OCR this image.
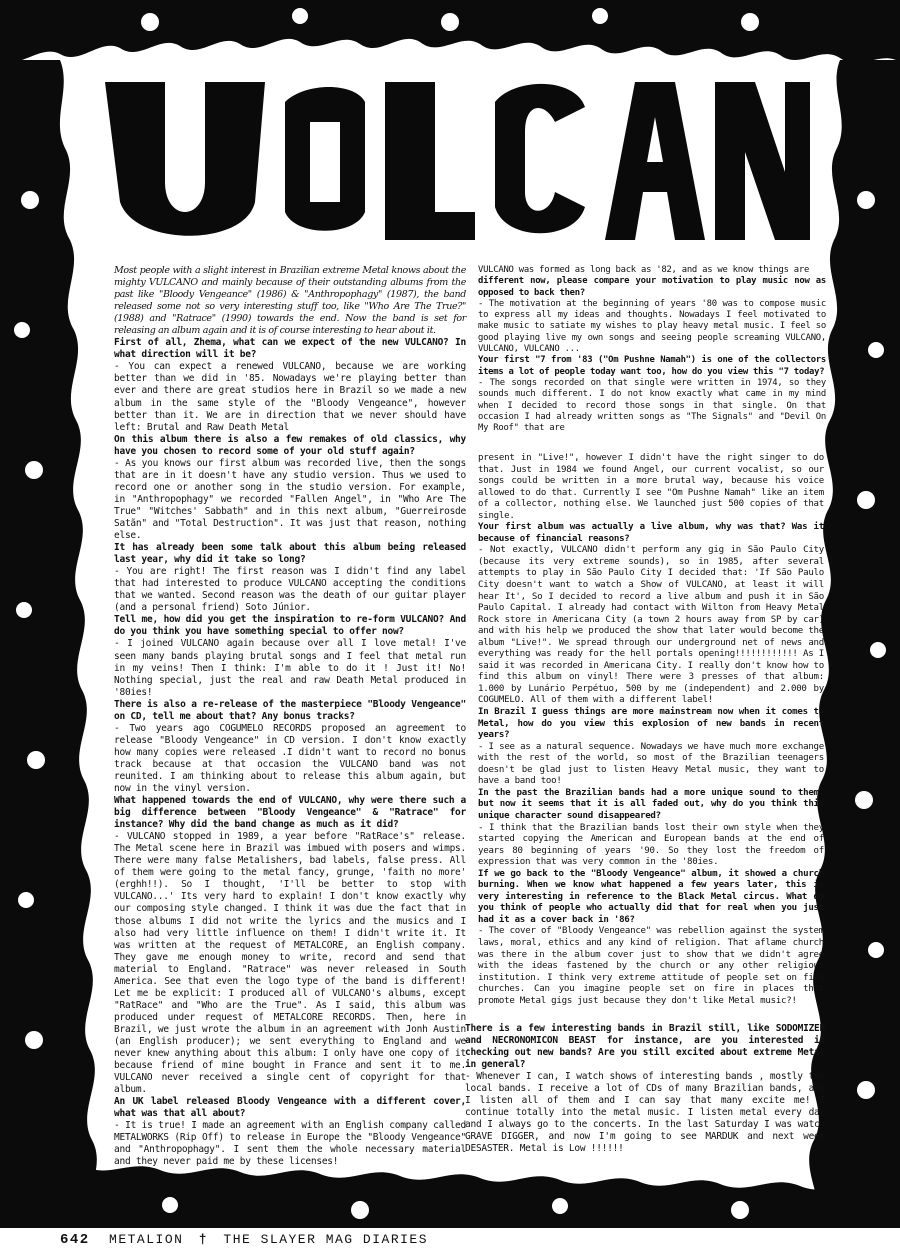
Most people with a slight interest in Brazilian extreme Metal knows about the mighty VULCANO and mainly because of their outstanding albums from the past like "Bloody Vengeance" (1986) & "Anthropophagy" (1987), the band released some not so very interesting stuff too, like "Who Are The True?" (1988) and "Ratrace" (1990) towards the end. Now the band is set for releasing an album again and it is of course interesting to hear about it.

First of all, Zhema, what can we expect of the new VULCANO? In what direction will it be?

- You can expect a renewed VULCANO, because we are working better than we did in '85. Nowadays we're playing better than ever and there are great studios here in Brazil so we made a new album in the same style of the "Bloody Vengeance", however better than it. We are in direction that we never should have left: Brutal and Raw Death Metal

On this album there is also a few remakes of old classics, why have you chosen to record some of your old stuff again?

- As you knows our first album was recorded live, then the songs that are in it doesn't have any studio version. Thus we used to record one or another song in the studio version. For example, in "Anthropophagy" we recorded "Fallen Angel", in "Who Are The True" "Witches' Sabbath" and in this next album, "Guerreirosde Satãn" and "Total Destruction". It was just that reason, nothing else.

It has already been some talk about this album being released last year, why did it take so long?

- You are right! The first reason was I didn't find any label that had interested to produce VULCANO accepting the conditions that we wanted. Second reason was the death of our guitar player (and a personal friend) Soto Júnior.

Tell me, how did you get the inspiration to re-form VULCANO? And do you think you have something special to offer now?

- I joined VULCANO again because over all I love metal! I've seen many bands playing brutal songs and I feel that metal run in my veins! Then I think: I'm able to do it ! Just it! No! Nothing special, just the real and raw Death Metal produced in '80ies!

There is also a re-release of the masterpiece "Bloody Vengeance" on CD, tell me about that? Any bonus tracks?

- Two years ago COGUMELO RECORDS proposed an agreement to release "Bloody Vengeance" in CD version. I don't know exactly how many copies were released .I didn't want to record no bonus track because at that occasion the VULCANO band was not reunited. I am thinking about to release this album again, but now in the vinyl version.

What happened towards the end of VULCANO, why were there such a big difference between "Bloody Vengeance" & "Ratrace" for instance? Why did the band change as much as it did?

- VULCANO stopped in 1989, a year before "RatRace's" release. The Metal scene here in Brazil was imbued with posers and wimps. There were many false Metalishers, bad labels, false press. All of them were going to the metal fancy, grunge, 'faith no more' (erghh!!). So I thought, 'I'll be better to stop with VULCANO...' Its very hard to explain! I don't know exactly why our composing style changed. I think it was due the fact that in those albums I did not write the lyrics and the musics and I also had very little influence on them! I didn't write it. It was written at the request of METALCORE, an English company. They gave me enough money to write, record and send that material to England. "Ratrace" was never released in South America. See that even the logo type of the band is different! Let me be explicit: I produced all of VULCANO's albums, except "RatRace" and "Who are the True". As I said, this album was produced under request of METALCORE RECORDS. Then, here in Brazil, we just wrote the album in an agreement with Jonh Austin (an English producer); we sent everything to England and we never knew anything about this album: I only have one copy of it because friend of mine bought in France and sent it to me. VULCANO never received a single cent of copyright for that album.

An UK label released Bloody Vengeance with a different cover, what was that all about?

- It is true! I made an agreement with an English company called METALWORKS (Rip Off) to release in Europe the "Bloody Vengeance" and "Anthropophagy". I sent them the whole necessary material and they never paid me by these licenses!

VULCANO was formed as long back as '82, and as we know things are

different now, please compare your motivation to play music now as opposed to back then?

- The motivation at the beginning of years '80 was to compose music to express all my ideas and thoughts. Nowadays I feel motivated to make music to satiate my wishes to play heavy metal music. I feel so good playing live my own songs and seeing people screaming VULCANO, VULCANO, VULCANO ...

Your first "7 from '83 ("Om Pushne Namah") is one of the collectors items a lot of people today want too, how do you view this "7 today?

- The songs recorded on that single were written in 1974, so they sounds much different. I do not know exactly what came in my mind when I decided to record those songs in that single. On that occasion I had already written songs as "The Signals" and "Devil On My Roof" that are

present in "Live!", however I didn't have the right singer to do that. Just in 1984 we found Angel, our current vocalist, so our songs could be written in a more brutal way, because his voice allowed to do that. Currently I see "Om Pushne Namah" like an item of a collector, nothing else. We launched just 500 copies of that single.

Your first album was actually a live album, why was that? Was it because of financial reasons?

- Not exactly, VULCANO didn't perform any gig in São Paulo City (because its very extreme sounds), so in 1985, after several attempts to play in São Paulo City I decided that: 'If São Paulo City doesn't want to watch a Show of VULCANO, at least it will hear It', So I decided to record a live album and push it in São Paulo Capital. I already had contact with Wilton from Heavy Metal Rock store in Americana City (a town 2 hours away from SP by car) and with his help we produced the show that later would become the album "Live!". We spread through our underground net of news and everything was ready for the hell portals opening!!!!!!!!!!!! As I said it was recorded in Americana City. I really don't know how to find this album on vinyl! There were 3 presses of that album: 1.000 by Lunário Perpétuo, 500 by me (independent) and 2.000 by COGUMELO. All of them with a different label!

In Brazil I guess things are more mainstream now when it comes to Metal, how do you view this explosion of new bands in recent years?

- I see as a natural sequence. Nowadays we have much more exchange with the rest of the world, so most of the Brazilian teenagers doesn't be glad just to listen Heavy Metal music, they want to have a band too!

In the past the Brazilian bands had a more unique sound to them, but now it seems that it is all faded out, why do you think this unique character sound disappeared?

- I think that the Brazilian bands lost their own style when they started copying the American and European bands at the end of years 80 beginning of years '90. So they lost the freedom of expression that was very common in the '80ies.

If we go back to the "Bloody Vengeance" album, it showed a church burning. When we know what happened a few years later, this is very interesting in reference to the Black Metal circus. What do you think of people who actually did that for real when you just had it as a cover back in '86?

- The cover of "Bloody Vengeance" was rebellion against the system laws, moral, ethics and any kind of religion. That aflame church was there in the album cover just to show that we didn't agree with the ideas fastened by the church or any other religious institution. I think very extreme attitude of people set on fire churches. Can you imagine people set on fire in places that promote Metal gigs just because they don't like Metal music?!

There is a few interesting bands in Brazil still, like SODOMIZER and NECRONOMICON BEAST for instance, are you interested in checking out new bands? Are you still excited about extreme Metal in general?

- Whenever I can, I watch shows of interesting bands , mostly the local bands. I receive a lot of CDs of many Brazilian bands, and I listen all of them and I can say that many excite me! I continue totally into the metal music. I listen metal every day and I always go to the concerts. In the last Saturday I was watch GRAVE DIGGER, and now I'm going to see MARDUK and next week DESASTER. Metal is Low !!!!!!

642 METALION † THE SLAYER MAG DIARIES
